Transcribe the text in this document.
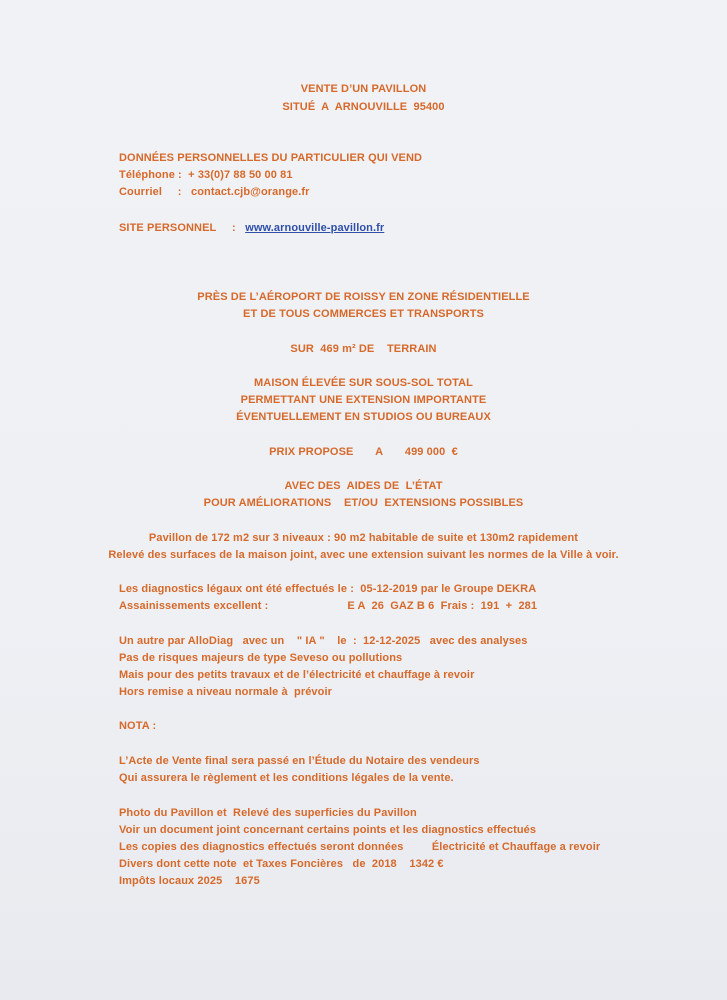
VENTE D’UN PAVILLON

SITUÉ  A  ARNOUVILLE  95400

DONNÉES PERSONNELLES DU PARTICULIER QUI VEND

Téléphone :  + 33(0)7 88 50 00 81

Courriel     :   contact.cjb@orange.fr

SITE PERSONNEL     :   www.arnouville-pavillon.fr

PRÈS DE L’AÉROPORT DE ROISSY EN ZONE RÉSIDENTIELLE

ET DE TOUS COMMERCES ET TRANSPORTS

SUR  469 m² DE    TERRAIN

MAISON ÉLEVÉE SUR SOUS-SOL TOTAL

PERMETTANT UNE EXTENSION IMPORTANTE

ÉVENTUELLEMENT EN STUDIOS OU BUREAUX

PRIX PROPOSE       A       499 000  €

AVEC DES  AIDES DE  L’ÉTAT

POUR AMÉLIORATIONS    ET/OU  EXTENSIONS POSSIBLES

Pavillon de 172 m2 sur 3 niveaux : 90 m2 habitable de suite et 130m2 rapidement

Relevé des surfaces de la maison joint, avec une extension suivant les normes de la Ville à voir.

Les diagnostics légaux ont été effectués le :  05-12-2019 par le Groupe DEKRA

Assainissements excellent :                         E A  26  GAZ B 6  Frais :  191  +  281

Un autre par AlloDiag   avec un    " IA "    le  :  12-12-2025   avec des analyses

Pas de risques majeurs de type Seveso ou pollutions

Mais pour des petits travaux et de l’électricité et chauffage à revoir

Hors remise a niveau normale à  prévoir

NOTA :

L’Acte de Vente final sera passé en l’Étude du Notaire des vendeurs

Qui assurera le règlement et les conditions légales de la vente.

Photo du Pavillon et  Relevé des superficies du Pavillon

Voir un document joint concernant certains points et les diagnostics effectués

Les copies des diagnostics effectués seront données         Électricité et Chauffage a revoir

Divers dont cette note  et Taxes Foncières   de  2018    1342 €

Impôts locaux 2025    1675
